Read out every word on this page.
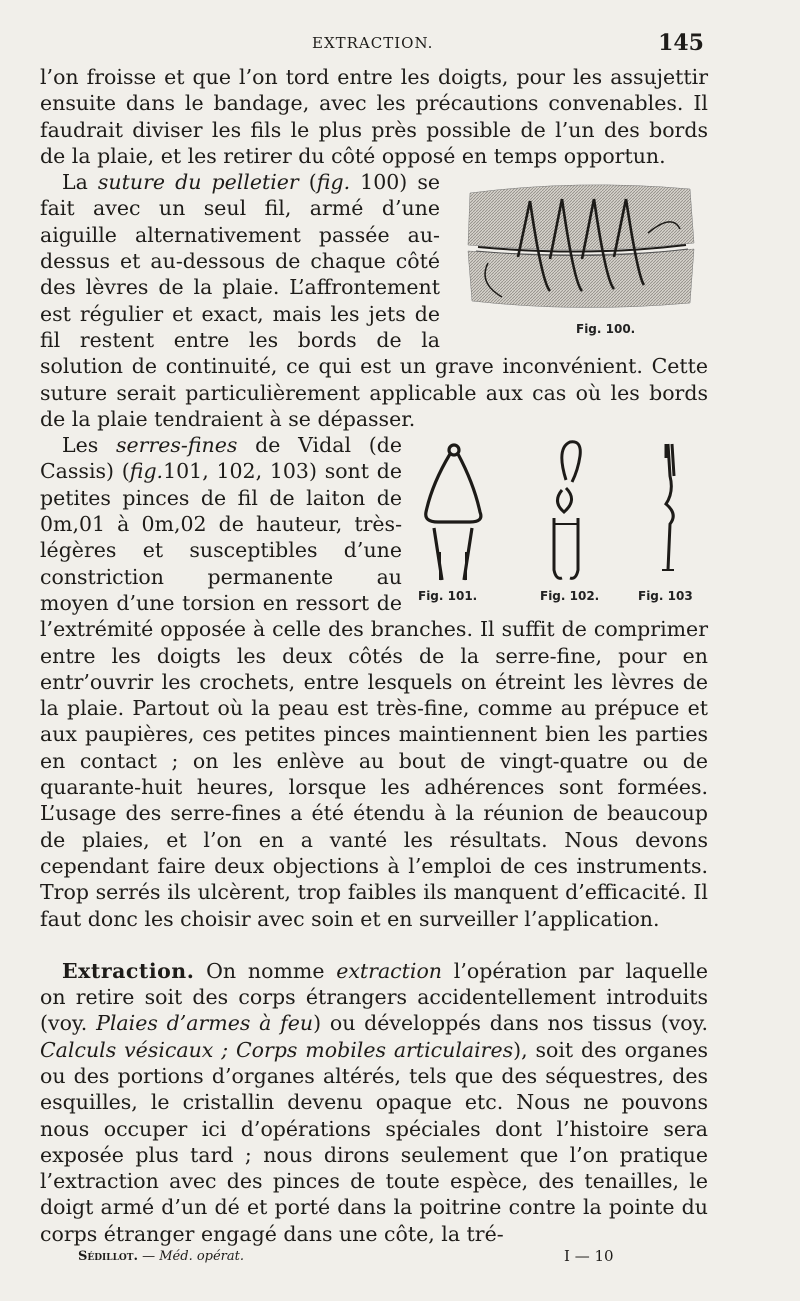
EXTRACTION.	145

l’on froisse et que l’on tord entre les doigts, pour les assujettir ensuite dans le bandage, avec les précautions convenables. Il faudrait diviser les fils le plus près possible de l’un des bords de la plaie, et les retirer du côté opposé en temps opportun.

Fig. 100.

La suture du pelletier (fig. 100) se fait avec un seul fil, armé d’une aiguille alternativement passée au-dessus et au-dessous de chaque côté des lèvres de la plaie. L’affrontement est régulier et exact, mais les jets de fil restent entre les bords de la solution de continuité, ce qui est un grave inconvénient. Cette suture serait particulièrement applicable aux cas où les bords de la plaie tendraient à se dépasser.

Fig. 101.	Fig. 102.	Fig. 103

Les serres-fines de Vidal (de Cassis) (fig.101, 102, 103) sont de petites pinces de fil de laiton de 0m,01 à 0m,02 de hauteur, très-légères et susceptibles d’une constriction permanente au moyen d’une torsion en ressort de l’extrémité opposée à celle des branches. Il suffit de comprimer entre les doigts les deux côtés de la serre-fine, pour en entr’ouvrir les crochets, entre lesquels on étreint les lèvres de la plaie. Partout où la peau est très-fine, comme au prépuce et aux paupières, ces petites pinces maintiennent bien les parties en contact ; on les enlève au bout de vingt-quatre ou de quarante-huit heures, lorsque les adhérences sont formées. L’usage des serre-fines a été étendu à la réunion de beaucoup de plaies, et l’on en a vanté les résultats. Nous devons cependant faire deux objections à l’emploi de ces instruments. Trop serrés ils ulcèrent, trop faibles ils manquent d’efficacité. Il faut donc les choisir avec soin et en surveiller l’application.

Extraction. On nomme extraction l’opération par laquelle on retire soit des corps étrangers accidentellement introduits (voy. Plaies d’armes à feu) ou développés dans nos tissus (voy. Calculs vésicaux ; Corps mobiles articulaires), soit des organes ou des portions d’organes altérés, tels que des séquestres, des esquilles, le cristallin devenu opaque etc. Nous ne pouvons nous occuper ici d’opérations spéciales dont l’histoire sera exposée plus tard ; nous dirons seulement que l’on pratique l’extraction avec des pinces de toute espèce, des tenailles, le doigt armé d’un dé et porté dans la poitrine contre la pointe du corps étranger engagé dans une côte, la tré-

Sédillot. — Méd. opérat.	I — 10
